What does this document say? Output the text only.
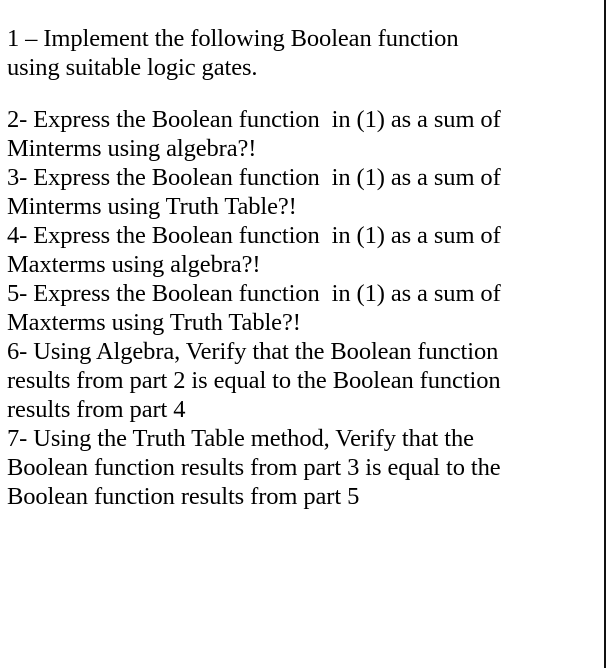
1 – Implement the following Boolean function
using suitable logic gates.
2- Express the Boolean function  in (1) as a sum of
Minterms using algebra?!
3- Express the Boolean function  in (1) as a sum of
Minterms using Truth Table?!
4- Express the Boolean function  in (1) as a sum of
Maxterms using algebra?!
5- Express the Boolean function  in (1) as a sum of
Maxterms using Truth Table?!
6- Using Algebra, Verify that the Boolean function
results from part 2 is equal to the Boolean function
results from part 4
7- Using the Truth Table method, Verify that the
Boolean function results from part 3 is equal to the
Boolean function results from part 5
